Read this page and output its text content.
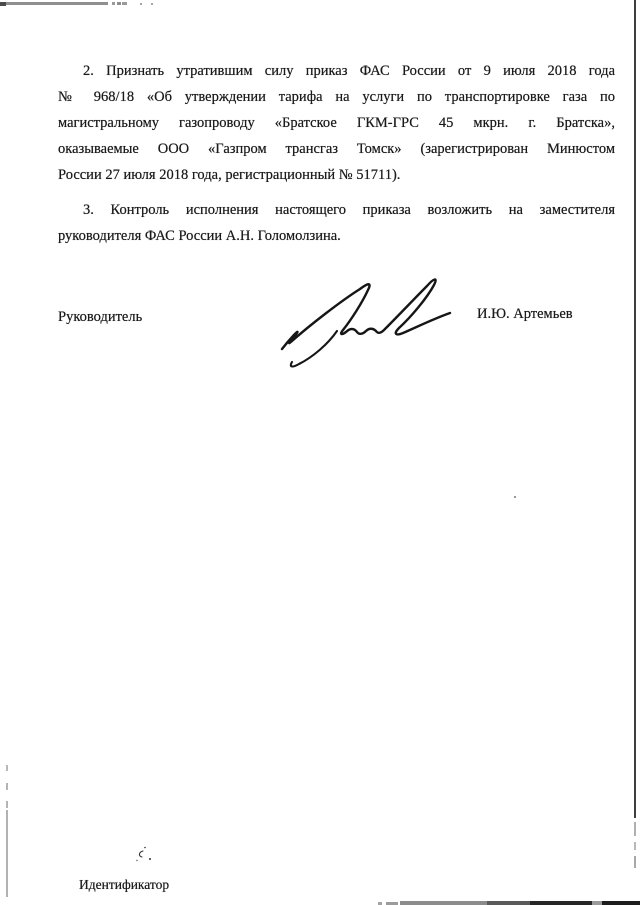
2. Признать утратившим силу приказ ФАС России от 9 июля 2018 года
№ 968/18 «Об утверждении тарифа на услуги по транспортировке газа по
магистральному газопроводу «Братское ГКМ-ГРС 45 мкрн. г. Братска»,
оказываемые ООО «Газпром трансгаз Томск» (зарегистрирован Минюстом
России 27 июля 2018 года, регистрационный № 51711).
3. Контроль исполнения настоящего приказа возложить на заместителя
руководителя ФАС России А.Н. Голомолзина.
Руководитель	И.Ю. Артемьев
Идентификатор
